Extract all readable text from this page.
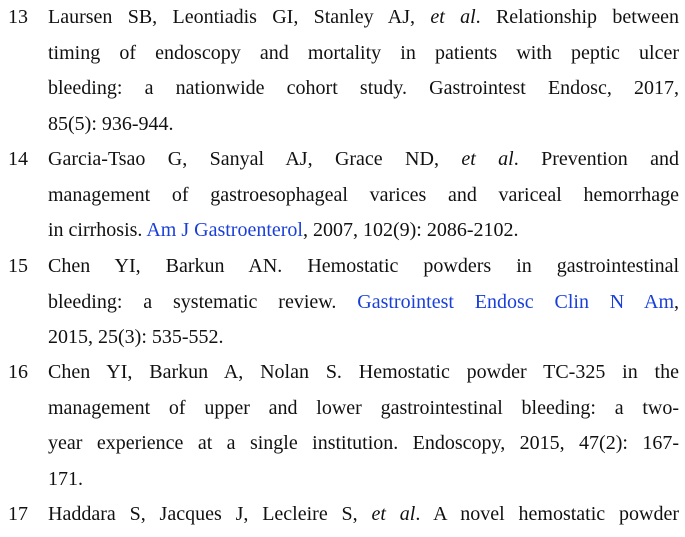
13	Laursen SB, Leontiadis GI, Stanley AJ, et al. Relationship between
timing of endoscopy and mortality in patients with peptic ulcer
bleeding: a nationwide cohort study. Gastrointest Endosc, 2017,
85(5): 936-944.
14	Garcia-Tsao G, Sanyal AJ, Grace ND, et al. Prevention and
management of gastroesophageal varices and variceal hemorrhage
in cirrhosis. Am J Gastroenterol, 2007, 102(9): 2086-2102.
15	Chen YI, Barkun AN. Hemostatic powders in gastrointestinal
bleeding: a systematic review. Gastrointest Endosc Clin N Am,
2015, 25(3): 535-552.
16	Chen YI, Barkun A, Nolan S. Hemostatic powder TC-325 in the
management of upper and lower gastrointestinal bleeding: a two-
year experience at a single institution. Endoscopy, 2015, 47(2): 167-
171.
17	Haddara S, Jacques J, Lecleire S, et al. A novel hemostatic powder
